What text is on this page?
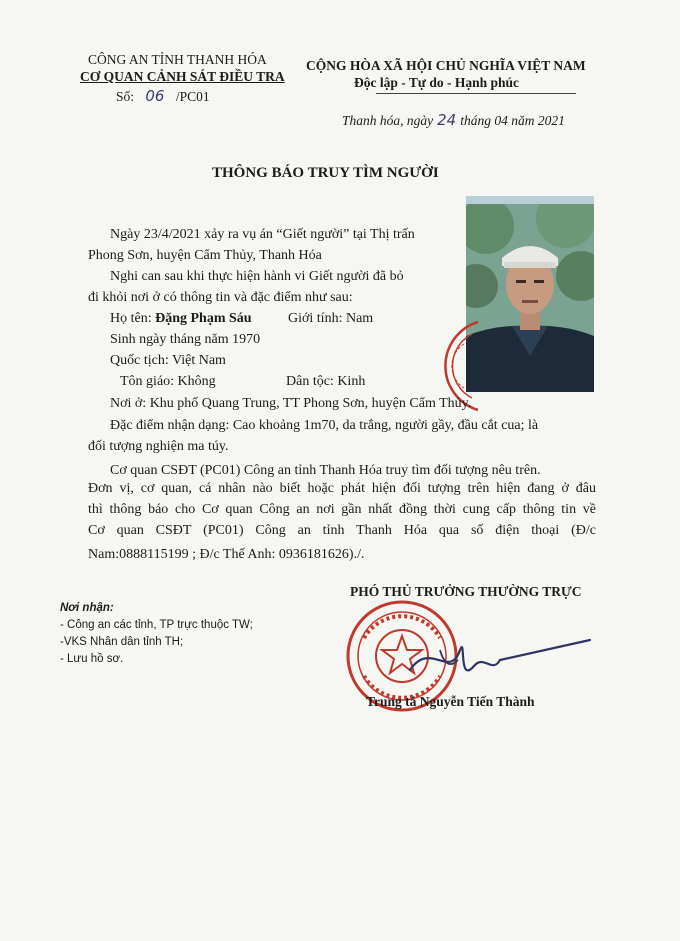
CÔNG AN TỈNH THANH HÓA
CƠ QUAN CẢNH SÁT ĐIỀU TRA
Số: 06 /PC01
CỘNG HÒA XÃ HỘI CHỦ NGHĨA VIỆT NAM
Độc lập - Tự do - Hạnh phúc
Thanh hóa, ngày 24 tháng 04 năm 2021
THÔNG BÁO TRUY TÌM NGƯỜI
Ngày 23/4/2021 xảy ra vụ án “Giết người” tại Thị trấn
Phong Sơn, huyện Cẩm Thủy, Thanh Hóa
Nghi can sau khi thực hiện hành vi Giết người đã bỏ
đi khỏi nơi ở có thông tin và đặc điểm như sau:
Họ tên: Đặng Phạm Sáu	Giới tính: Nam
Sinh ngày tháng năm 1970
Quốc tịch: Việt Nam
Tôn giáo: Không	Dân tộc: Kinh
Nơi ở: Khu phố Quang Trung, TT Phong Sơn, huyện Cẩm Thủy.
Đặc điểm nhận dạng: Cao khoảng 1m70, da trắng, người gầy, đầu cắt cua; là
đối tượng nghiện ma túy.
Cơ quan CSĐT (PC01) Công an tỉnh Thanh Hóa truy tìm đối tượng nêu trên.
Đơn vị, cơ quan, cá nhân nào biết hoặc phát hiện đối tượng trên hiện đang ở đâu
thì thông báo cho Cơ quan Công an nơi gần nhất đồng thời cung cấp thông tin về
Cơ quan CSĐT (PC01) Công an tỉnh Thanh Hóa qua số điện thoại (Đ/c
Nam:0888115199 ; Đ/c Thế Anh: 0936181626)./.
PHÓ THỦ TRƯỞNG THƯỜNG TRỰC
Trung tá Nguyễn Tiến Thành
Nơi nhận:
- Công an các tỉnh, TP trực thuộc TW;
-VKS Nhân dân tỉnh TH;
- Lưu hồ sơ.
